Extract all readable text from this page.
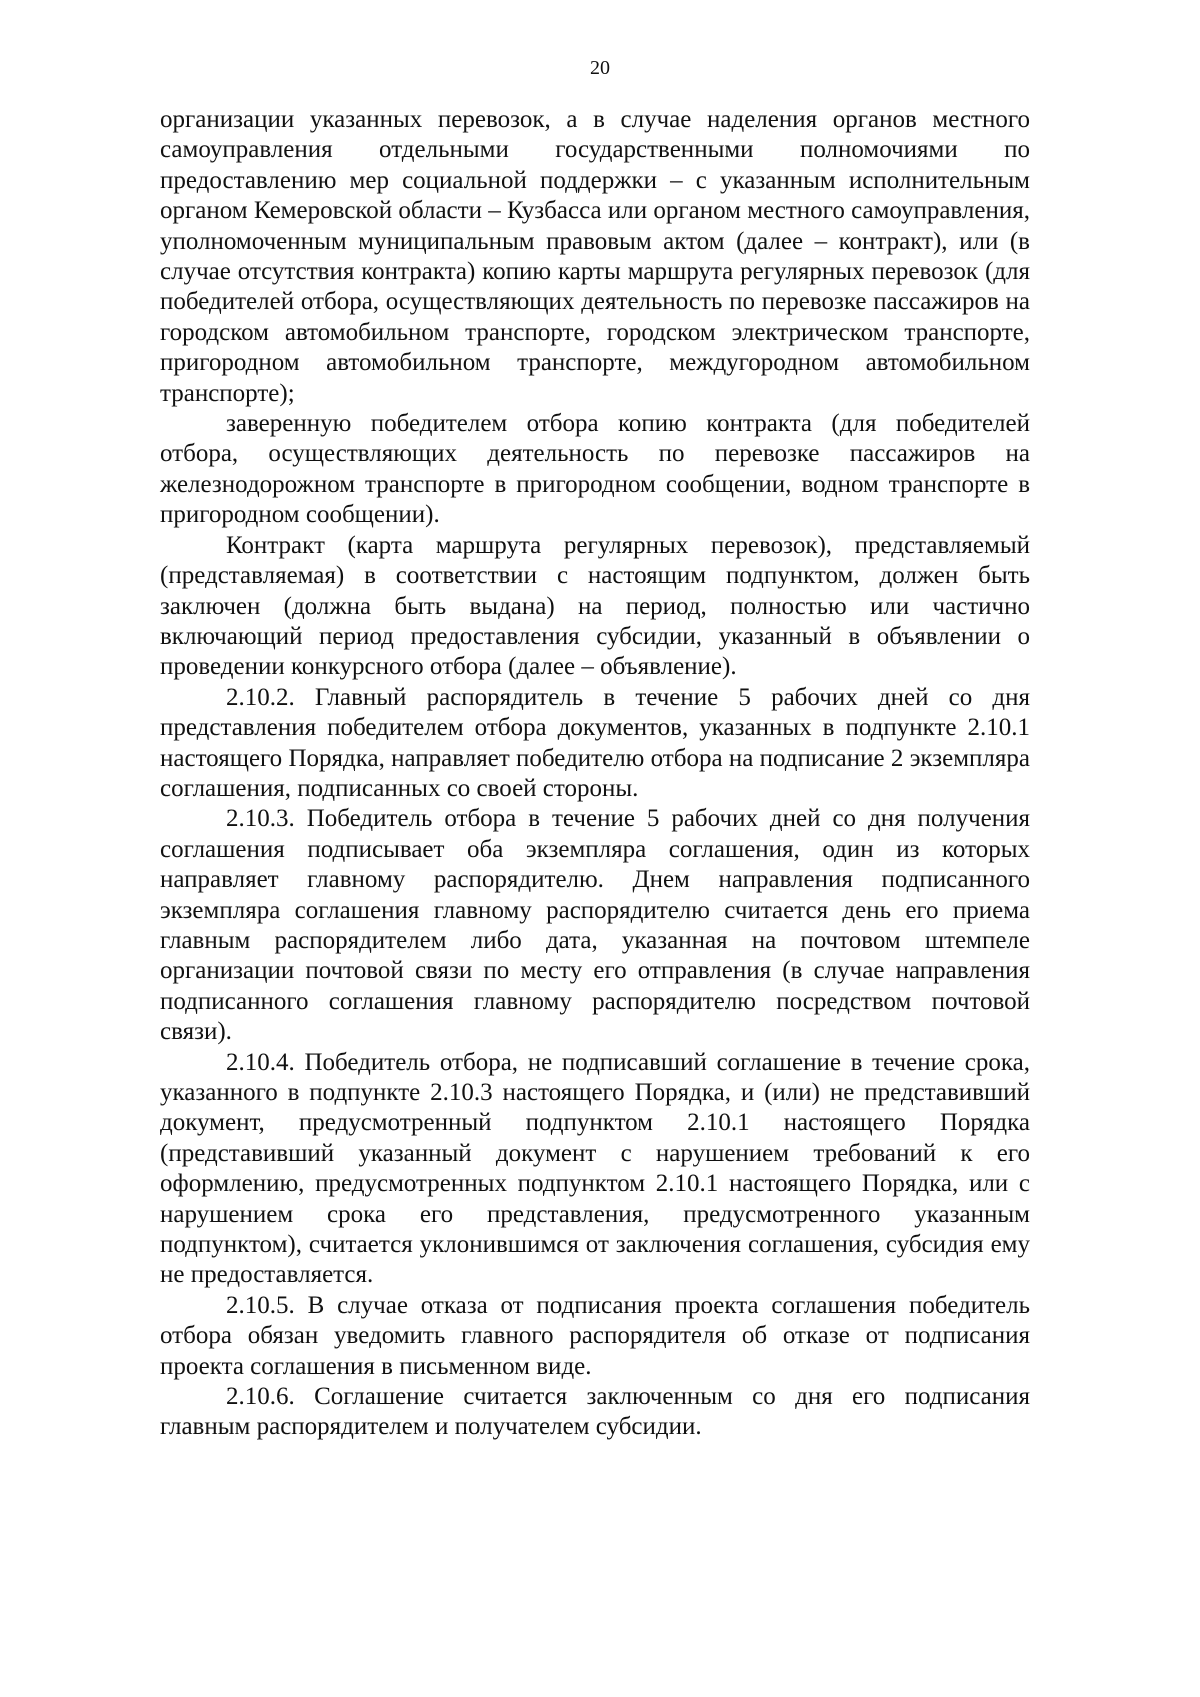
20

организации указанных перевозок, а в случае наделения органов местного самоуправления отдельными государственными полномочиями по предоставлению мер социальной поддержки – с указанным исполнительным органом Кемеровской области – Кузбасса или органом местного самоуправления, уполномоченным муниципальным правовым актом (далее – контракт), или (в случае отсутствия контракта) копию карты маршрута регулярных перевозок (для победителей отбора, осуществляющих деятельность по перевозке пассажиров на городском автомобильном транспорте, городском электрическом транспорте, пригородном автомобильном транспорте, междугородном автомобильном транспорте);

заверенную победителем отбора копию контракта (для победителей отбора, осуществляющих деятельность по перевозке пассажиров на железнодорожном транспорте в пригородном сообщении, водном транспорте в пригородном сообщении).

Контракт (карта маршрута регулярных перевозок), представляемый (представляемая) в соответствии с настоящим подпунктом, должен быть заключен (должна быть выдана) на период, полностью или частично включающий период предоставления субсидии, указанный в объявлении о проведении конкурсного отбора (далее – объявление).

2.10.2. Главный распорядитель в течение 5 рабочих дней со дня представления победителем отбора документов, указанных в подпункте 2.10.1 настоящего Порядка, направляет победителю отбора на подписание 2 экземпляра соглашения, подписанных со своей стороны.

2.10.3. Победитель отбора в течение 5 рабочих дней со дня получения соглашения подписывает оба экземпляра соглашения, один из которых направляет главному распорядителю. Днем направления подписанного экземпляра соглашения главному распорядителю считается день его приема главным распорядителем либо дата, указанная на почтовом штемпеле организации почтовой связи по месту его отправления (в случае направления подписанного соглашения главному распорядителю посредством почтовой связи).

2.10.4. Победитель отбора, не подписавший соглашение в течение срока, указанного в подпункте 2.10.3 настоящего Порядка, и (или) не представивший документ, предусмотренный подпунктом 2.10.1 настоящего Порядка (представивший указанный документ с нарушением требований к его оформлению, предусмотренных подпунктом 2.10.1 настоящего Порядка, или с нарушением срока его представления, предусмотренного указанным подпунктом), считается уклонившимся от заключения соглашения, субсидия ему не предоставляется.

2.10.5. В случае отказа от подписания проекта соглашения победитель отбора обязан уведомить главного распорядителя об отказе от подписания проекта соглашения в письменном виде.

2.10.6. Соглашение считается заключенным со дня его подписания главным распорядителем и получателем субсидии.
